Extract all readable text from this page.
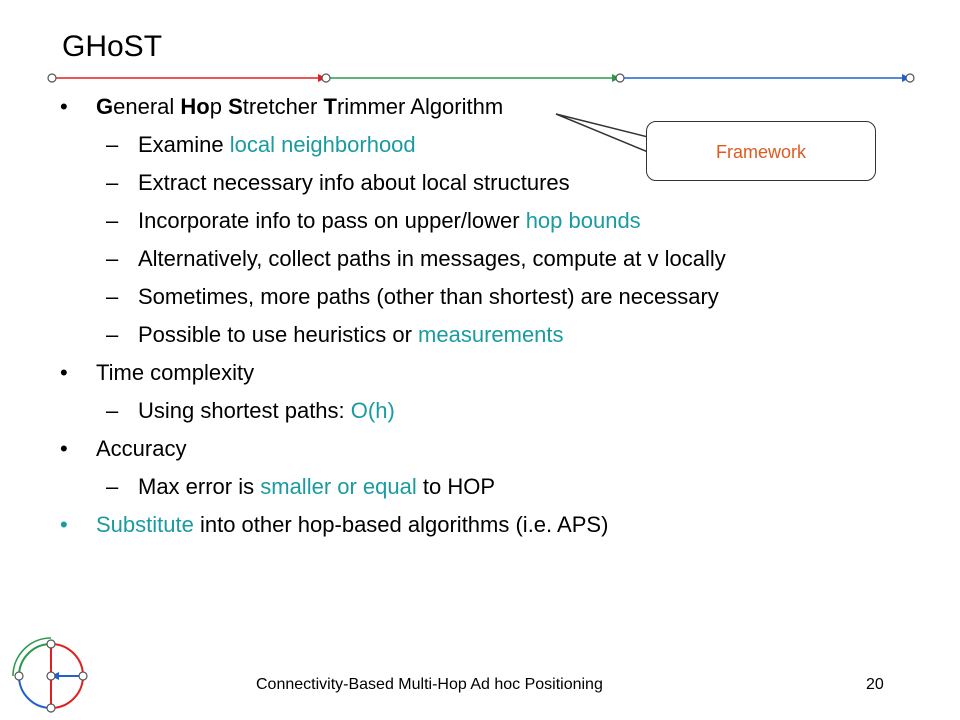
GHoST
• General Hop Stretcher Trimmer Algorithm
– Examine local neighborhood
– Extract necessary info about local structures
– Incorporate info to pass on upper/lower hop bounds
– Alternatively, collect paths in messages, compute at v locally
– Sometimes, more paths (other than shortest) are necessary
– Possible to use heuristics or measurements
• Time complexity
– Using shortest paths: O(h)
• Accuracy
– Max error is smaller or equal to HOP
• Substitute into other hop-based algorithms (i.e. APS)
Framework
Connectivity-Based Multi-Hop Ad hoc Positioning	20
